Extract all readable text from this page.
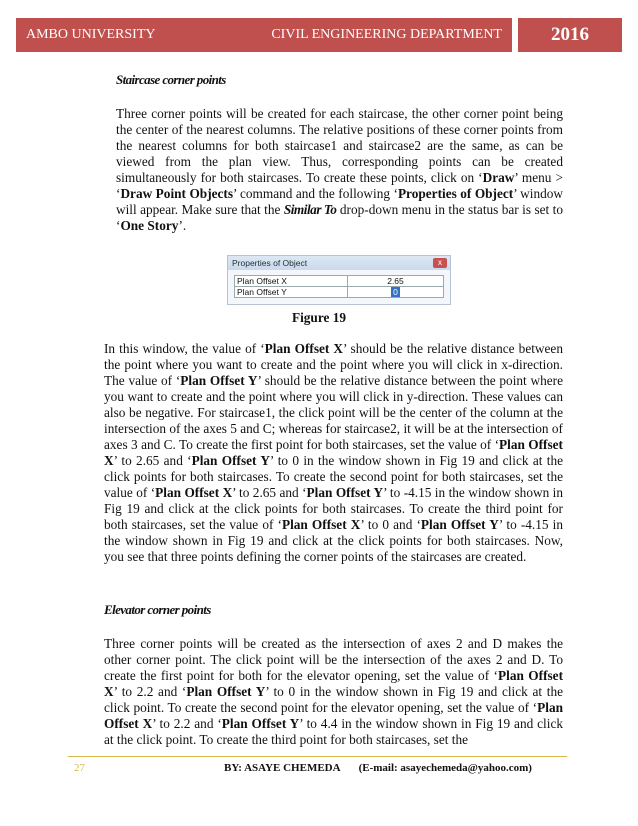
AMBO UNIVERSITY	CIVIL ENGINEERING DEPARTMENT	2016

Staircase corner points

Three corner points will be created for each staircase, the other corner point being the center of the nearest columns. The relative positions of these corner points from the nearest columns for both staircase1 and staircase2 are the same, as can be viewed from the plan view. Thus, corresponding points can be created simultaneously for both staircases. To create these points, click on ‘Draw’ menu > ‘Draw Point Objects’ command and the following ‘Properties of Object’ window will appear. Make sure that the Similar To drop-down menu in the status bar is set to ‘One Story’.

Properties of Object	x
Plan Offset X	2.65
Plan Offset Y	0
Figure 19

In this window, the value of ‘Plan Offset X’ should be the relative distance between the point where you want to create and the point where you will click in x-direction. The value of ‘Plan Offset Y’ should be the relative distance between the point where you want to create and the point where you will click in y-direction. These values can also be negative. For staircase1, the click point will be the center of the column at the intersection of the axes 5 and C; whereas for staircase2, it will be at the intersection of axes 3 and C. To create the first point for both staircases, set the value of ‘Plan Offset X’ to 2.65 and ‘Plan Offset Y’ to 0 in the window shown in Fig 19 and click at the click points for both staircases. To create the second point for both staircases, set the value of ‘Plan Offset X’ to 2.65 and ‘Plan Offset Y’ to -4.15 in the window shown in Fig 19 and click at the click points for both staircases. To create the third point for both staircases, set the value of ‘Plan Offset X’ to 0 and ‘Plan Offset Y’ to -4.15 in the window shown in Fig 19 and click at the click points for both staircases. Now, you see that three points defining the corner points of the staircases are created.

Elevator corner points

Three corner points will be created as the intersection of axes 2 and D makes the other corner point. The click point will be the intersection of the axes 2 and D. To create the first point for both for the elevator opening, set the value of ‘Plan Offset X’ to 2.2 and ‘Plan Offset Y’ to 0 in the window shown in Fig 19 and click at the click point. To create the second point for the elevator opening, set the value of ‘Plan Offset X’ to 2.2 and ‘Plan Offset Y’ to 4.4 in the window shown in Fig 19 and click at the click point. To create the third point for both staircases, set the

27	BY: ASAYE CHEMEDA (E-mail: asayechemeda@yahoo.com)
